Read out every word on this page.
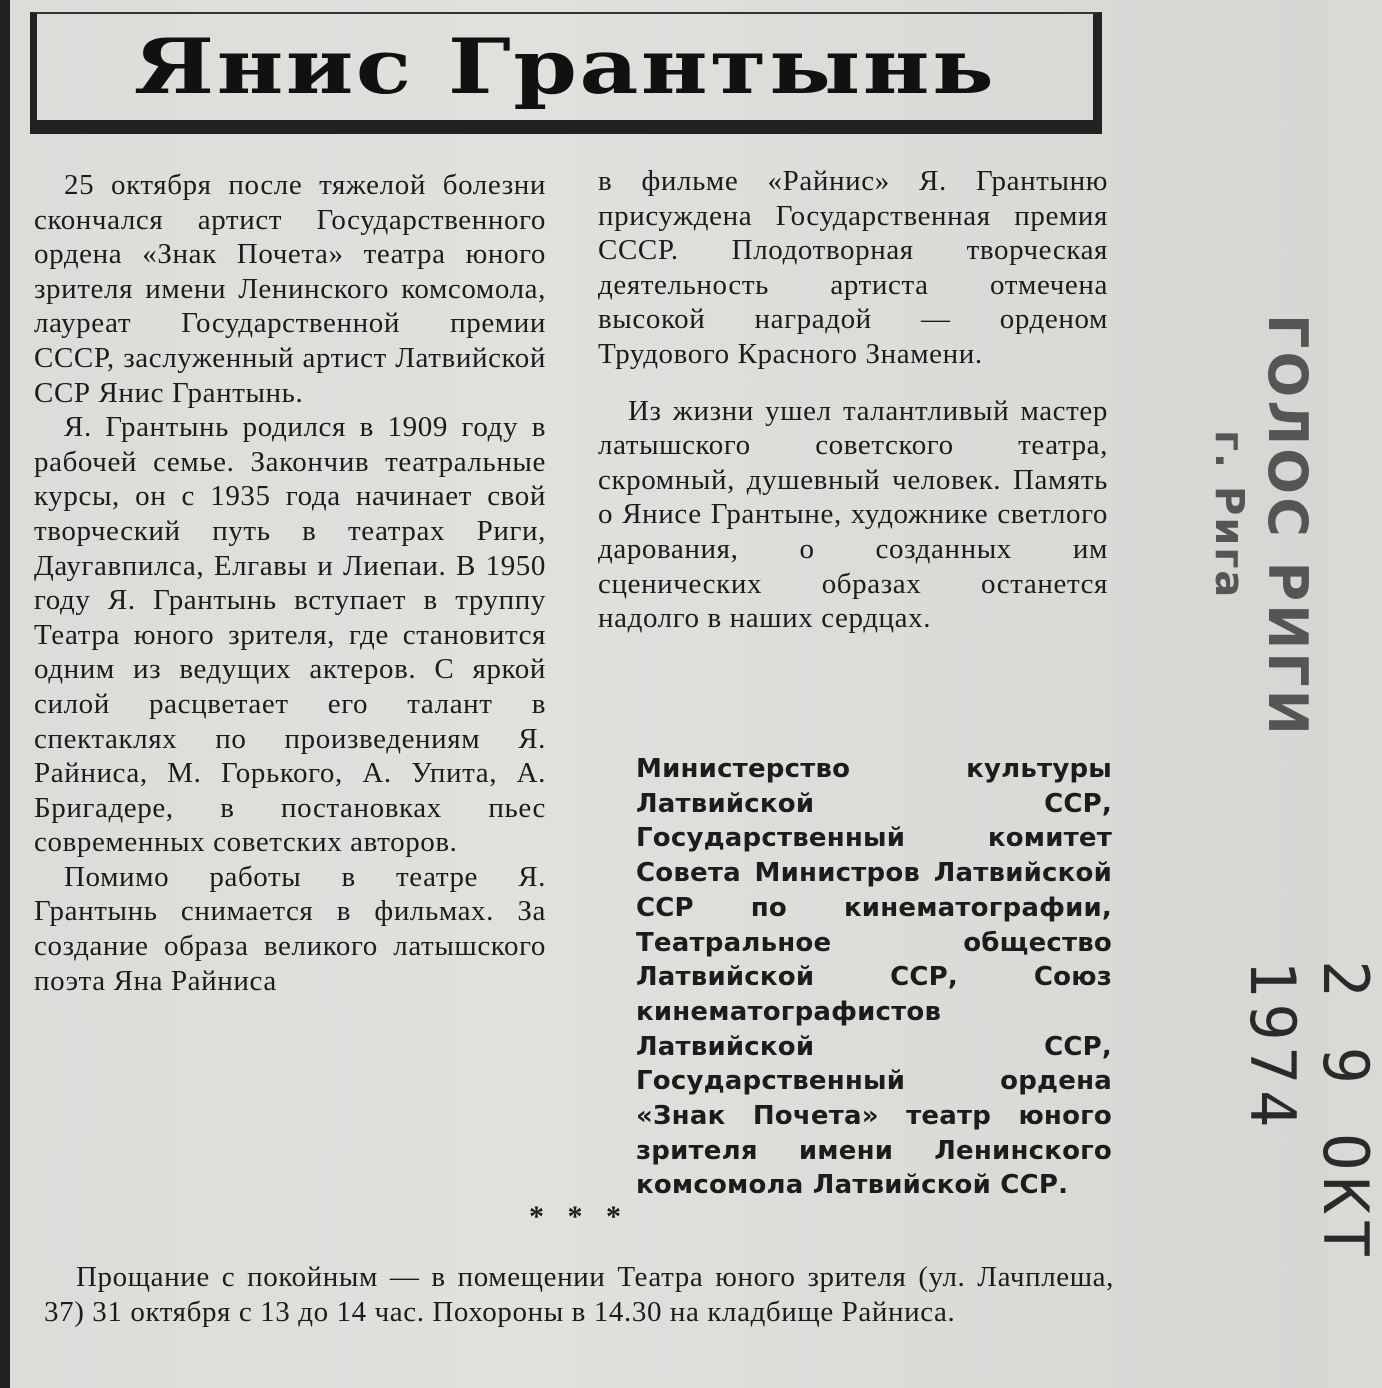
Янис Грантынь

25 октября после тяжелой болезни скончался артист Государственного ордена «Знак Почета» театра юного зрителя имени Ленинского комсомола, лауреат Государственной премии СССР, заслуженный артист Латвийской ССР Янис Грантынь.

Я. Грантынь родился в 1909 году в рабочей семье. Закончив театральные курсы, он с 1935 года начинает свой творческий путь в театрах Риги, Даугавпилса, Елгавы и Лиепаи. В 1950 году Я. Грантынь вступает в труппу Театра юного зрителя, где становится одним из ведущих актеров. С яркой силой расцветает его талант в спектаклях по произведениям Я. Райниса, М. Горького, А. Упита, А. Бригадере, в постановках пьес современных советских авторов.

Помимо работы в театре Я. Грантынь снимается в фильмах. За создание образа великого латышского поэта Яна Райниса

в фильме «Райнис» Я. Грантыню присуждена Государственная премия СССР. Плодотворная творческая деятельность артиста отмечена высокой наградой — орденом Трудового Красного Знамени.

Из жизни ушел талантливый мастер латышского советского театра, скромный, душевный человек. Память о Янисе Грантыне, художнике светлого дарования, о созданных им сценических образах останется надолго в наших сердцах.

Министерство культуры Латвийской ССР, Государственный комитет Совета Министров Латвийской ССР по кинематографии, Театральное общество Латвийской ССР, Союз кинематографистов Латвийской ССР, Государственный ордена «Знак Почета» театр юного зрителя имени Ленинского комсомола Латвийской ССР.
* * *
Прощание с покойным — в помещении Театра юного зрителя (ул. Лачплеша, 37) 31 октября с 13 до 14 час. Похороны в 14.30 на кладбище Райниса.
ГОЛОС РИГИ
г. Рига
2 9 ОКТ 1974
